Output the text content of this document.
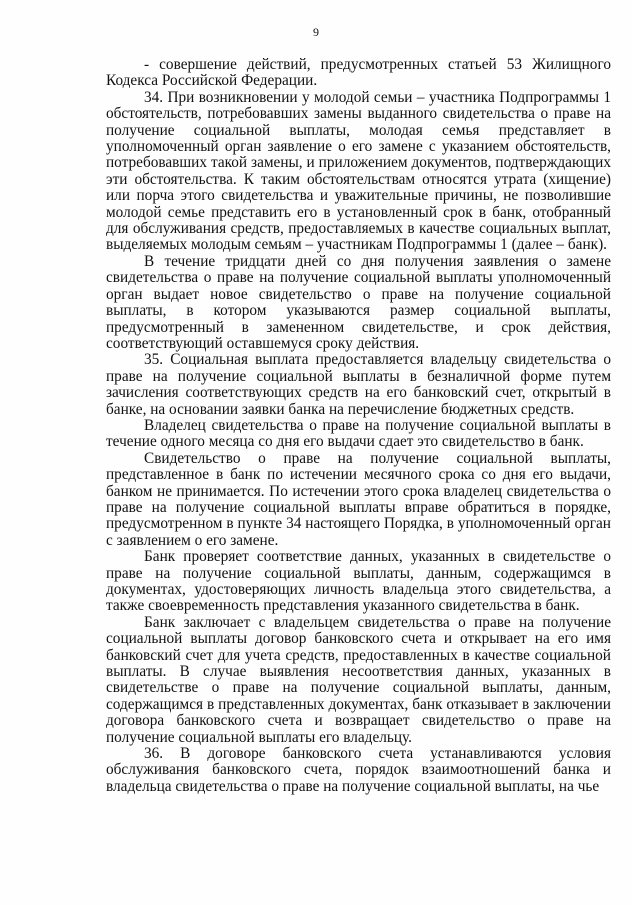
9

- совершение действий, предусмотренных статьей 53 Жилищного Кодекса Российской Федерации.

34. При возникновении у молодой семьи – участника Подпрограммы 1 обстоятельств, потребовавших замены выданного свидетельства о праве на получение социальной выплаты, молодая семья представляет в уполномоченный орган заявление о его замене с указанием обстоятельств, потребовавших такой замены, и приложением документов, подтверждающих эти обстоятельства. К таким обстоятельствам относятся утрата (хищение) или порча этого свидетельства и уважительные причины, не позволившие молодой семье представить его в установленный срок в банк, отобранный для обслуживания средств, предоставляемых в качестве социальных выплат, выделяемых молодым семьям – участникам Подпрограммы 1 (далее – банк).

В течение тридцати дней со дня получения заявления о замене свидетельства о праве на получение социальной выплаты уполномоченный орган выдает новое свидетельство о праве на получение социальной выплаты, в котором указываются размер социальной выплаты, предусмотренный в замененном свидетельстве, и срок действия, соответствующий оставшемуся сроку действия.

35. Социальная выплата предоставляется владельцу свидетельства о праве на получение социальной выплаты в безналичной форме путем зачисления соответствующих средств на его банковский счет, открытый в банке, на основании заявки банка на перечисление бюджетных средств.

Владелец свидетельства о праве на получение социальной выплаты в течение одного месяца со дня его выдачи сдает это свидетельство в банк.

Свидетельство о праве на получение социальной выплаты, представленное в банк по истечении месячного срока со дня его выдачи, банком не принимается. По истечении этого срока владелец свидетельства о праве на получение социальной выплаты вправе обратиться в порядке, предусмотренном в пункте 34 настоящего Порядка, в уполномоченный орган с заявлением о его замене.

Банк проверяет соответствие данных, указанных в свидетельстве о праве на получение социальной выплаты, данным, содержащимся в документах, удостоверяющих личность владельца этого свидетельства, а также своевременность представления указанного свидетельства в банк.

Банк заключает с владельцем свидетельства о праве на получение социальной выплаты договор банковского счета и открывает на его имя банковский счет для учета средств, предоставленных в качестве социальной выплаты. В случае выявления несоответствия данных, указанных в свидетельстве о праве на получение социальной выплаты, данным, содержащимся в представленных документах, банк отказывает в заключении договора банковского счета и возвращает свидетельство о праве на получение социальной выплаты его владельцу.

36. В договоре банковского счета устанавливаются условия обслуживания банковского счета, порядок взаимоотношений банка и владельца свидетельства о праве на получение социальной выплаты, на чье
